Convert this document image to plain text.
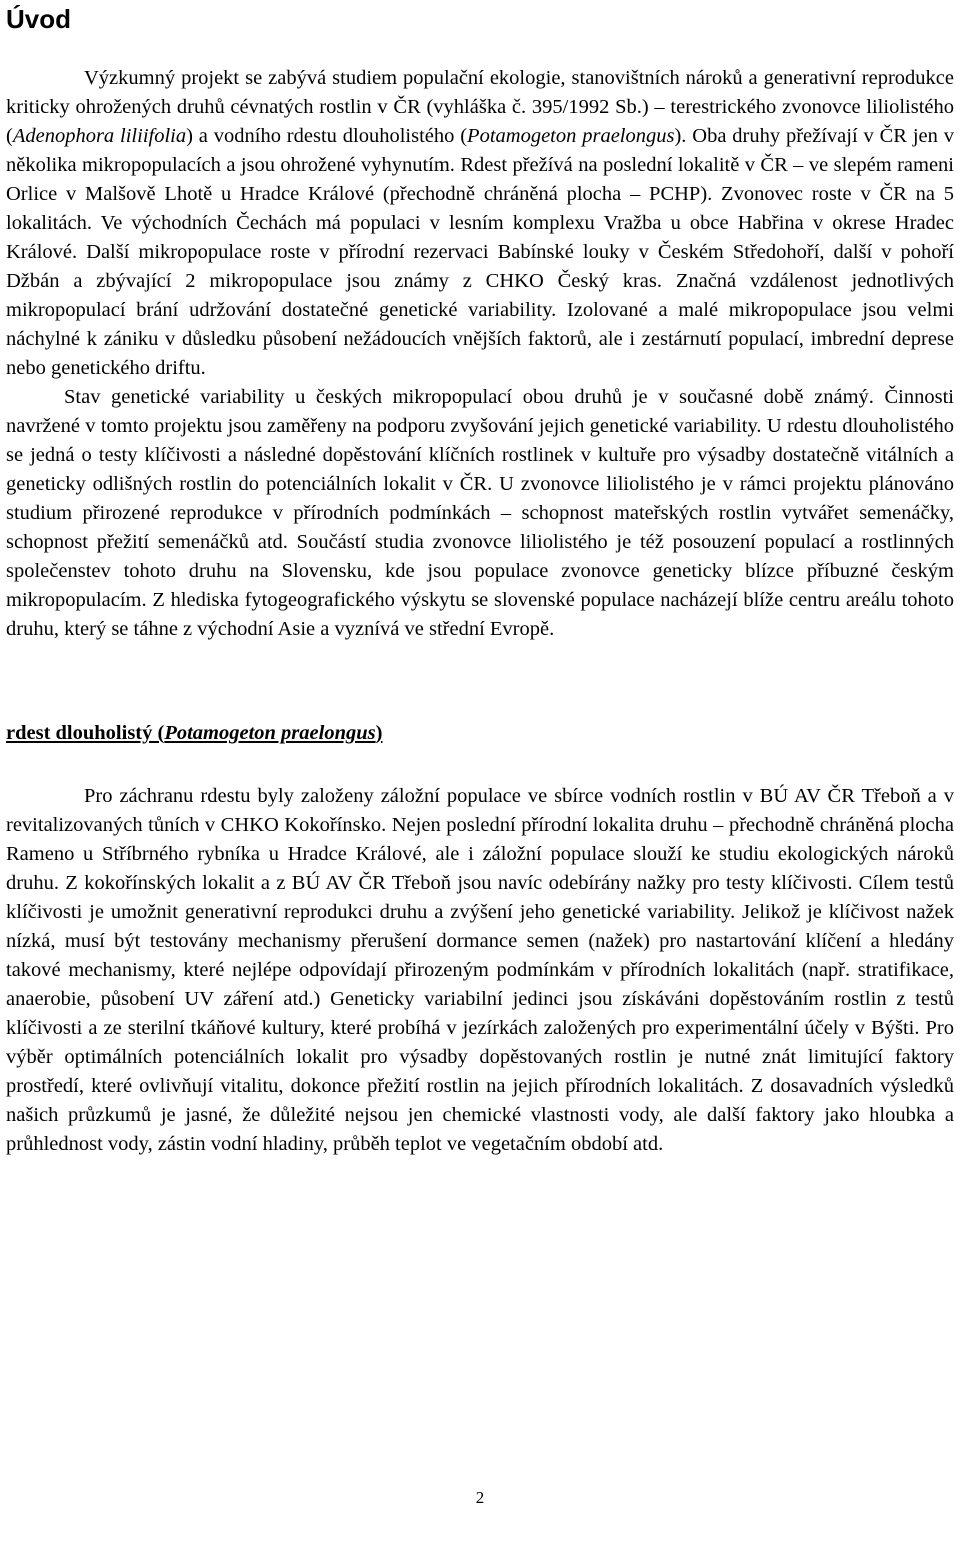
Úvod

Výzkumný projekt se zabývá studiem populační ekologie, stanovištních nároků a generativní reprodukce kriticky ohrožených druhů cévnatých rostlin v ČR (vyhláška č. 395/1992 Sb.) – terestrického zvonovce liliolistého (Adenophora liliifolia) a vodního rdestu dlouholistého (Potamogeton praelongus). Oba druhy přežívají v ČR jen v několika mikropopulacích a jsou ohrožené vyhynutím. Rdest přežívá na poslední lokalitě v ČR – ve slepém rameni Orlice v Malšově Lhotě u Hradce Králové (přechodně chráněná plocha – PCHP). Zvonovec roste v ČR na 5 lokalitách. Ve východních Čechách má populaci v lesním komplexu Vražba u obce Habřina v okrese Hradec Králové. Další mikropopulace roste v přírodní rezervaci Babínské louky v Českém Středohoří, další v pohoří Džbán a zbývající 2 mikropopulace jsou známy z CHKO Český kras. Značná vzdálenost jednotlivých mikropopulací brání udržování dostatečné genetické variability. Izolované a malé mikropopulace jsou velmi náchylné k zániku v důsledku působení nežádoucích vnějších faktorů, ale i zestárnutí populací, imbrední deprese nebo genetického driftu.

Stav genetické variability u českých mikropopulací obou druhů je v současné době známý. Činnosti navržené v tomto projektu jsou zaměřeny na podporu zvyšování jejich genetické variability. U rdestu dlouholistého se jedná o testy klíčivosti a následné dopěstování klíčních rostlinek v kultuře pro výsadby dostatečně vitálních a geneticky odlišných rostlin do potenciálních lokalit v ČR. U zvonovce liliolistého je v rámci projektu plánováno studium přirozené reprodukce v přírodních podmínkách – schopnost mateřských rostlin vytvářet semenáčky, schopnost přežití semenáčků atd. Součástí studia zvonovce liliolistého je též posouzení populací a rostlinných společenstev tohoto druhu na Slovensku, kde jsou populace zvonovce geneticky blízce příbuzné českým mikropopulacím. Z hlediska fytogeografického výskytu se slovenské populace nacházejí blíže centru areálu tohoto druhu, který se táhne z východní Asie a vyznívá ve střední Evropě.

rdest dlouholistý (Potamogeton praelongus)

Pro záchranu rdestu byly založeny záložní populace ve sbírce vodních rostlin v BÚ AV ČR Třeboň a v revitalizovaných tůních v CHKO Kokořínsko. Nejen poslední přírodní lokalita druhu – přechodně chráněná plocha Rameno u Stříbrného rybníka u Hradce Králové, ale i záložní populace slouží ke studiu ekologických nároků druhu. Z kokořínských lokalit a z BÚ AV ČR Třeboň jsou navíc odebírány nažky pro testy klíčivosti. Cílem testů klíčivosti je umožnit generativní reprodukci druhu a zvýšení jeho genetické variability. Jelikož je klíčivost nažek nízká, musí být testovány mechanismy přerušení dormance semen (nažek) pro nastartování klíčení a hledány takové mechanismy, které nejlépe odpovídají přirozeným podmínkám v přírodních lokalitách (např. stratifikace, anaerobie, působení UV záření atd.) Geneticky variabilní jedinci jsou získáváni dopěstováním rostlin z testů klíčivosti a ze sterilní tkáňové kultury, které probíhá v jezírkách založených pro experimentální účely v Býšti. Pro výběr optimálních potenciálních lokalit pro výsadby dopěstovaných rostlin je nutné znát limitující faktory prostředí, které ovlivňují vitalitu, dokonce přežití rostlin na jejich přírodních lokalitách. Z dosavadních výsledků našich průzkumů je jasné, že důležité nejsou jen chemické vlastnosti vody, ale další faktory jako hloubka a průhlednost vody, zástin vodní hladiny, průběh teplot ve vegetačním období atd.

2
